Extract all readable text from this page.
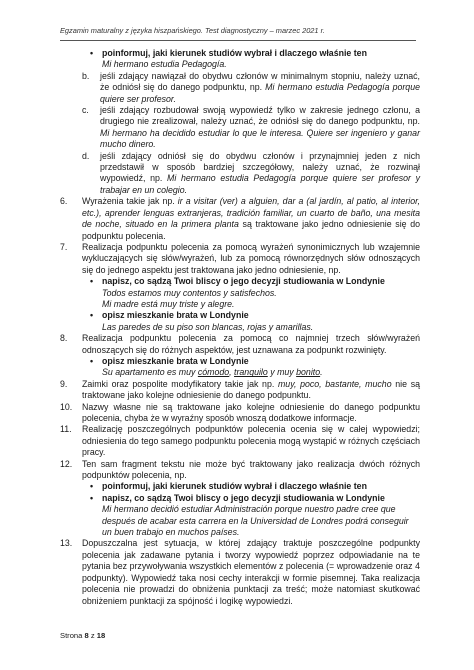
Egzamin maturalny z języka hiszpańskiego. Test diagnostyczny – marzec 2021 r.

• poinformuj, jaki kierunek studiów wybrał i dlaczego właśnie ten

Mi hermano estudia Pedagogía.

b. jeśli zdający nawiązał do obydwu członów w minimalnym stopniu, należy uznać, że odniósł się do danego podpunktu, np. Mi hermano estudia Pedagogía porque quiere ser profesor.

c. jeśli zdający rozbudował swoją wypowiedź tylko w zakresie jednego członu, a drugiego nie zrealizował, należy uznać, że odniósł się do danego podpunktu, np. Mi hermano ha decidido estudiar lo que le interesa. Quiere ser ingeniero y ganar mucho dinero.

d. jeśli zdający odniósł się do obydwu członów i przynajmniej jeden z nich przedstawił w sposób bardziej szczegółowy, należy uznać, że rozwinął wypowiedź, np. Mi hermano estudia Pedagogía porque quiere ser profesor y trabajar en un colegio.

6. Wyrażenia takie jak np. ir a visitar (ver) a alguien, dar a (al jardín, al patio, al interior, etc.), aprender lenguas extranjeras, tradición familiar, un cuarto de baño, una mesita de noche, situado en la primera planta są traktowane jako jedno odniesienie się do podpunktu polecenia.

7. Realizacja podpunktu polecenia za pomocą wyrażeń synonimicznych lub wzajemnie wykluczających się słów/wyrażeń, lub za pomocą równorzędnych słów odnoszących się do jednego aspektu jest traktowana jako jedno odniesienie, np.

• napisz, co sądzą Twoi bliscy o jego decyzji studiowania w Londynie

Todos estamos muy contentos y satisfechos.

Mi madre está muy triste y alegre.

• opisz mieszkanie brata w Londynie

Las paredes de su piso son blancas, rojas y amarillas.

8. Realizacja podpunktu polecenia za pomocą co najmniej trzech słów/wyrażeń odnoszących się do różnych aspektów, jest uznawana za podpunkt rozwinięty.

• opisz mieszkanie brata w Londynie

Su apartamento es muy cómodo, tranquilo y muy bonito.

9. Zaimki oraz pospolite modyfikatory takie jak np. muy, poco, bastante, mucho nie są traktowane jako kolejne odniesienie do danego podpunktu.

10. Nazwy własne nie są traktowane jako kolejne odniesienie do danego podpunktu polecenia, chyba że w wyraźny sposób wnoszą dodatkowe informacje.

11. Realizację poszczególnych podpunktów polecenia ocenia się w całej wypowiedzi; odniesienia do tego samego podpunktu polecenia mogą wystąpić w różnych częściach pracy.

12. Ten sam fragment tekstu nie może być traktowany jako realizacja dwóch różnych podpunktów polecenia, np.

• poinformuj, jaki kierunek studiów wybrał i dlaczego właśnie ten

• napisz, co sądzą Twoi bliscy o jego decyzji studiowania w Londynie

Mi hermano decidió estudiar Administración porque nuestro padre cree que después de acabar esta carrera en la Universidad de Londres podrá conseguir un buen trabajo en muchos países.

13. Dopuszczalna jest sytuacja, w której zdający traktuje poszczególne podpunkty polecenia jak zadawane pytania i tworzy wypowiedź poprzez odpowiadanie na te pytania bez przywoływania wszystkich elementów z polecenia (= wprowadzenie oraz 4 podpunkty). Wypowiedź taka nosi cechy interakcji w formie pisemnej. Taka realizacja polecenia nie prowadzi do obniżenia punktacji za treść; może natomiast skutkować obniżeniem punktacji za spójność i logikę wypowiedzi.

Strona 8 z 18
